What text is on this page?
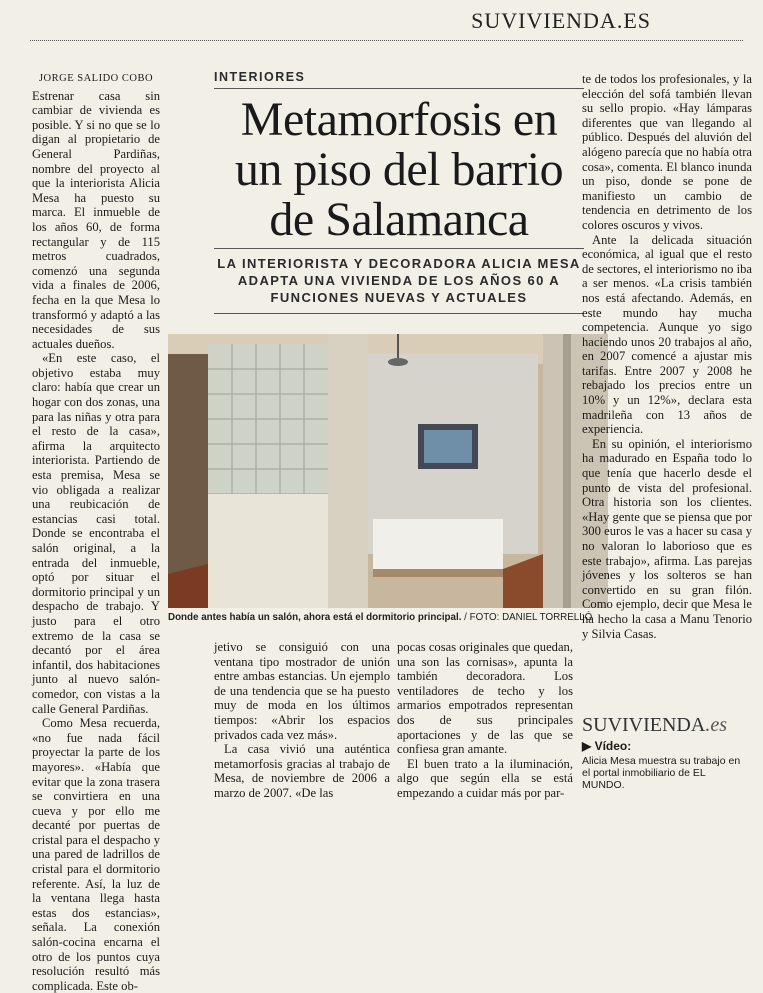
SUVIVIENDA.ES
JORGE SALIDO COBO

Estrenar casa sin cambiar de vivienda es posible. Y si no que se lo digan al propietario de General Pardiñas, nombre del proyecto al que la interiorista Alicia Mesa ha puesto su marca. El inmueble de los años 60, de forma rectangular y de 115 metros cuadrados, comenzó una segunda vida a finales de 2006, fecha en la que Mesa lo transformó y adaptó a las necesidades de sus actuales dueños.

«En este caso, el objetivo estaba muy claro: había que crear un hogar con dos zonas, una para las niñas y otra para el resto de la casa», afirma la arquitecto interiorista. Partiendo de esta premisa, Mesa se vio obligada a realizar una reubicación de estancias casi total. Donde se encontraba el salón original, a la entrada del inmueble, optó por situar el dormitorio principal y un despacho de trabajo. Y justo para el otro extremo de la casa se decantó por el área infantil, dos habitaciones junto al nuevo salón-comedor, con vistas a la calle General Pardiñas.

Como Mesa recuerda, «no fue nada fácil proyectar la parte de los mayores». «Había que evitar que la zona trasera se convirtiera en una cueva y por ello me decanté por puertas de cristal para el despacho y una pared de ladrillos de cristal para el dormitorio referente. Así, la luz de la ventana llega hasta estas dos estancias», señala. La conexión salón-cocina encarna el otro de los puntos cuya resolución resultó más complicada. Este ob-

INTERIORES
Metamorfosis en un piso del barrio de Salamanca
LA INTERIORISTA Y DECORADORA ALICIA MESA ADAPTA UNA VIVIENDA DE LOS AÑOS 60 A FUNCIONES NUEVAS Y ACTUALES
Donde antes había un salón, ahora está el dormitorio principal. / FOTO: DANIEL TORRELLÓ

jetivo se consiguió con una ventana tipo mostrador de unión entre ambas estancias. Un ejemplo de una tendencia que se ha puesto muy de moda en los últimos tiempos: «Abrir los espacios privados cada vez más».

La casa vivió una auténtica metamorfosis gracias al trabajo de Mesa, de noviembre de 2006 a marzo de 2007. «De las

pocas cosas originales que quedan, una son las cornisas», apunta la también decoradora. Los ventiladores de techo y los armarios empotrados representan dos de sus principales aportaciones y de las que se confiesa gran amante.

El buen trato a la iluminación, algo que según ella se está empezando a cuidar más por par-

te de todos los profesionales, y la elección del sofá también llevan su sello propio. «Hay lámparas diferentes que van llegando al público. Después del aluvión del alógeno parecía que no había otra cosa», comenta. El blanco inunda un piso, donde se pone de manifiesto un cambio de tendencia en detrimento de los colores oscuros y vivos.

Ante la delicada situación económica, al igual que el resto de sectores, el interiorismo no iba a ser menos. «La crisis también nos está afectando. Además, en este mundo hay mucha competencia. Aunque yo sigo haciendo unos 20 trabajos al año, en 2007 comencé a ajustar mis tarifas. Entre 2007 y 2008 he rebajado los precios entre un 10% y un 12%», declara esta madrileña con 13 años de experiencia.

En su opinión, el interiorismo ha madurado en España todo lo que tenía que hacerlo desde el punto de vista del profesional. Otra historia son los clientes. «Hay gente que se piensa que por 300 euros le vas a hacer su casa y no valoran lo laborioso que es este trabajo», afirma. Las parejas jóvenes y los solteros se han convertido en su gran filón. Como ejemplo, decir que Mesa le ha hecho la casa a Manu Tenorio y Silvia Casas.

SUVIVIENDA.es
▶ Vídeo:
Alicia Mesa muestra su trabajo en el portal inmobiliario de EL MUNDO.
